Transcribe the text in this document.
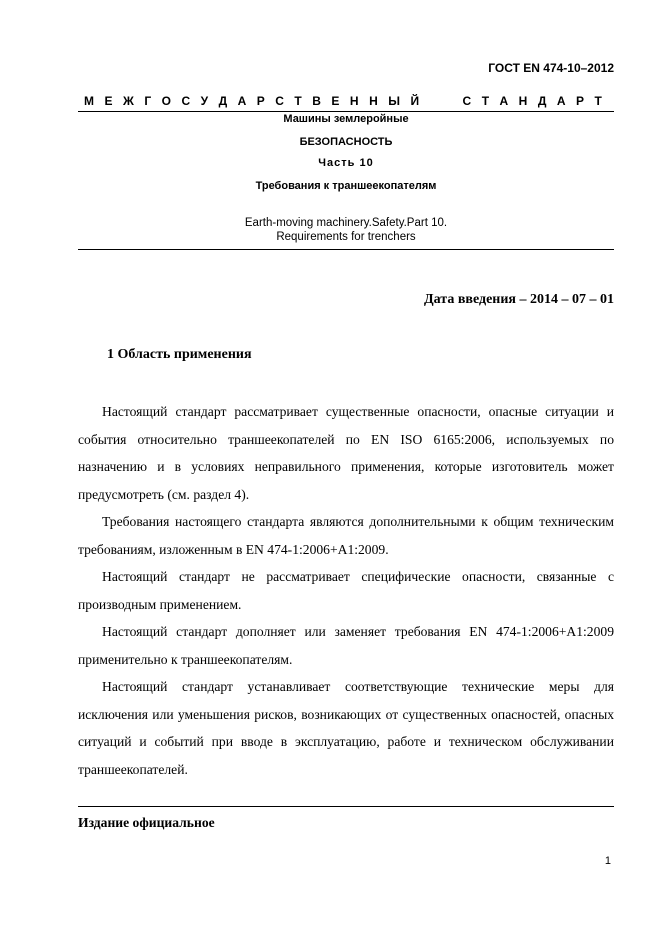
ГОСТ EN 474-10–2012
М Е Ж Г О С У Д А Р С Т В Е Н Н Ы Й	С Т А Н Д А Р Т
Машины землеройные
БЕЗОПАСНОСТЬ
Часть 10
Требования к траншеекопателям
Earth-moving machinery.Safety.Part 10.
Requirements for trenchers
Дата введения – 2014 – 07 – 01
1 Область применения

Настоящий стандарт рассматривает существенные опасности, опасные ситуации и события относительно траншеекопателей по EN ISO 6165:2006, используемых по назначению и в условиях неправильного применения, которые изготовитель может предусмотреть (см. раздел 4).

Требования настоящего стандарта являются дополнительными к общим техническим требованиям, изложенным в EN 474-1:2006+A1:2009.

Настоящий стандарт не рассматривает специфические опасности, связанные с производным применением.

Настоящий стандарт дополняет или заменяет требования EN 474-1:2006+A1:2009 применительно к траншеекопателям.

Настоящий стандарт устанавливает соответствующие технические меры для исключения или уменьшения рисков, возникающих от существенных опасностей, опасных ситуаций и событий при вводе в эксплуатацию, работе и техническом обслуживании траншеекопателей.

Издание официальное
1
